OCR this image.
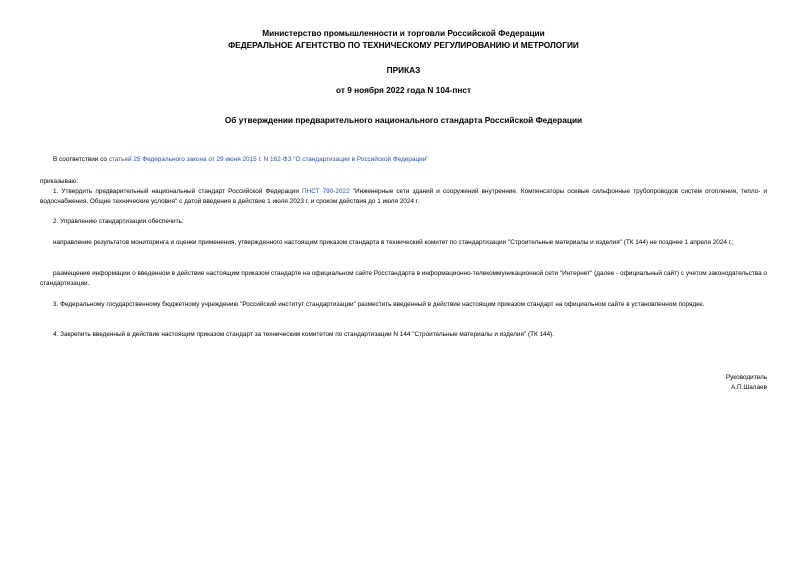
Министерство промышленности и торговли Российской Федерации
ФЕДЕРАЛЬНОЕ АГЕНТСТВО ПО ТЕХНИЧЕСКОМУ РЕГУЛИРОВАНИЮ И МЕТРОЛОГИИ
ПРИКАЗ
от 9 ноября 2022 года N 104-пнст
Об утверждении предварительного национального стандарта Российской Федерации
В соответствии со статьей 25 Федерального закона от 29 июня 2015 г. N 162-ФЗ "О стандартизации в Российской Федерации"
приказываю:
1. Утвердить предварительный национальный стандарт Российской Федерации ПНСТ 790-2022 "Инженерные сети зданий и сооружений внутренние. Компенсаторы осевые сильфонные трубопроводов систем отопления, тепло- и водоснабжения. Общие технические условия" с датой введения в действие 1 июля 2023 г. и сроком действия до 1 июля 2024 г.
2. Управлению стандартизации обеспечить:
направление результатов мониторинга и оценки применения, утвержденного настоящим приказом стандарта в технический комитет по стандартизации "Строительные материалы и изделия" (ТК 144) не позднее 1 апреля 2024 г.;
размещение информации о введенном в действие настоящим приказом стандарте на официальном сайте Росстандарта в информационно-телекоммуникационной сети "Интернет" (далее - официальный сайт) с учетом законодательства о стандартизации.
3. Федеральному государственному бюджетному учреждению "Российский институт стандартизации" разместить введенный в действие настоящим приказом стандарт на официальном сайте в установленном порядке.
4. Закрепить введенный в действие настоящим приказом стандарт за техническим комитетом по стандартизации N 144 "Строительные материалы и изделия" (ТК 144).
Руководитель
А.П.Шалаев
